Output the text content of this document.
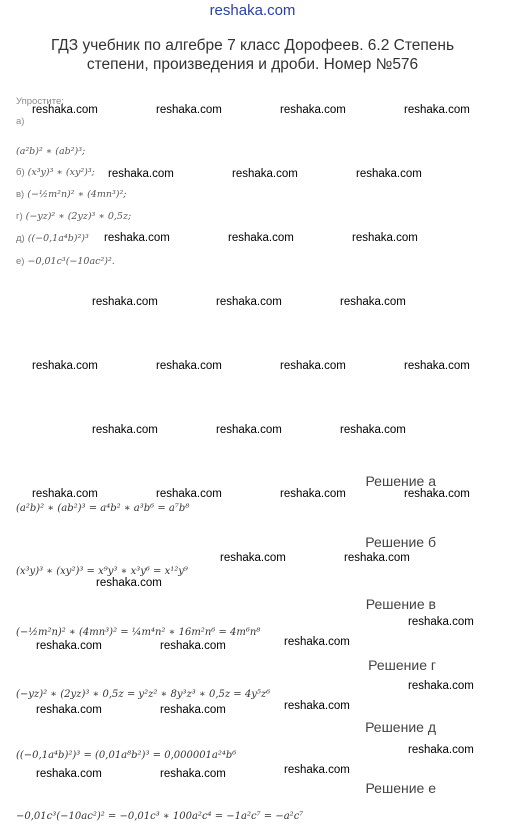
reshaka.com
ГДЗ учебник по алгебре 7 класс Дорофеев. 6.2 Степень
степени, произведения и дроби. Номер №576
Упростите:
а)
(a²b)² ∗ (ab²)³;
б) (x³y)³ ∗ (xy²)³;
в) (−½m²n)² ∗ (4mn³)²;
г) (−yz)² ∗ (2yz)³ ∗ 0,5z;
д) ((−0,1a⁴b)²)³
е) −0,01c³(−10ac²)².
reshaka.com	reshaka.com	reshaka.com	reshaka.com
reshaka.com	reshaka.com	reshaka.com
reshaka.com	reshaka.com	reshaka.com
reshaka.com	reshaka.com	reshaka.com
reshaka.com	reshaka.com	reshaka.com	reshaka.com
reshaka.com	reshaka.com	reshaka.com
reshaka.com	reshaka.com	reshaka.com	reshaka.com
reshaka.com	reshaka.com
reshaka.com
reshaka.com
reshaka.com	reshaka.com	reshaka.com
reshaka.com
reshaka.com	reshaka.com	reshaka.com
reshaka.com
reshaka.com	reshaka.com	reshaka.com
Решение а
(a²b)² ∗ (ab²)³ = a⁴b² ∗ a³b⁶ = a⁷b⁸
Решение б
(x³y)³ ∗ (xy²)³ = x⁹y³ ∗ x³y⁶ = x¹²y⁹
Решение в
(−½m²n)² ∗ (4mn³)² = ¼m⁴n² ∗ 16m²n⁶ = 4m⁶n⁸
Решение г
(−yz)² ∗ (2yz)³ ∗ 0,5z = y²z² ∗ 8y³z³ ∗ 0,5z = 4y⁵z⁶
Решение д
((−0,1a⁴b)²)³ = (0,01a⁸b²)³ = 0,000001a²⁴b⁶
Решение е
−0,01c³(−10ac²)² = −0,01c³ ∗ 100a²c⁴ = −1a²c⁷ = −a²c⁷
